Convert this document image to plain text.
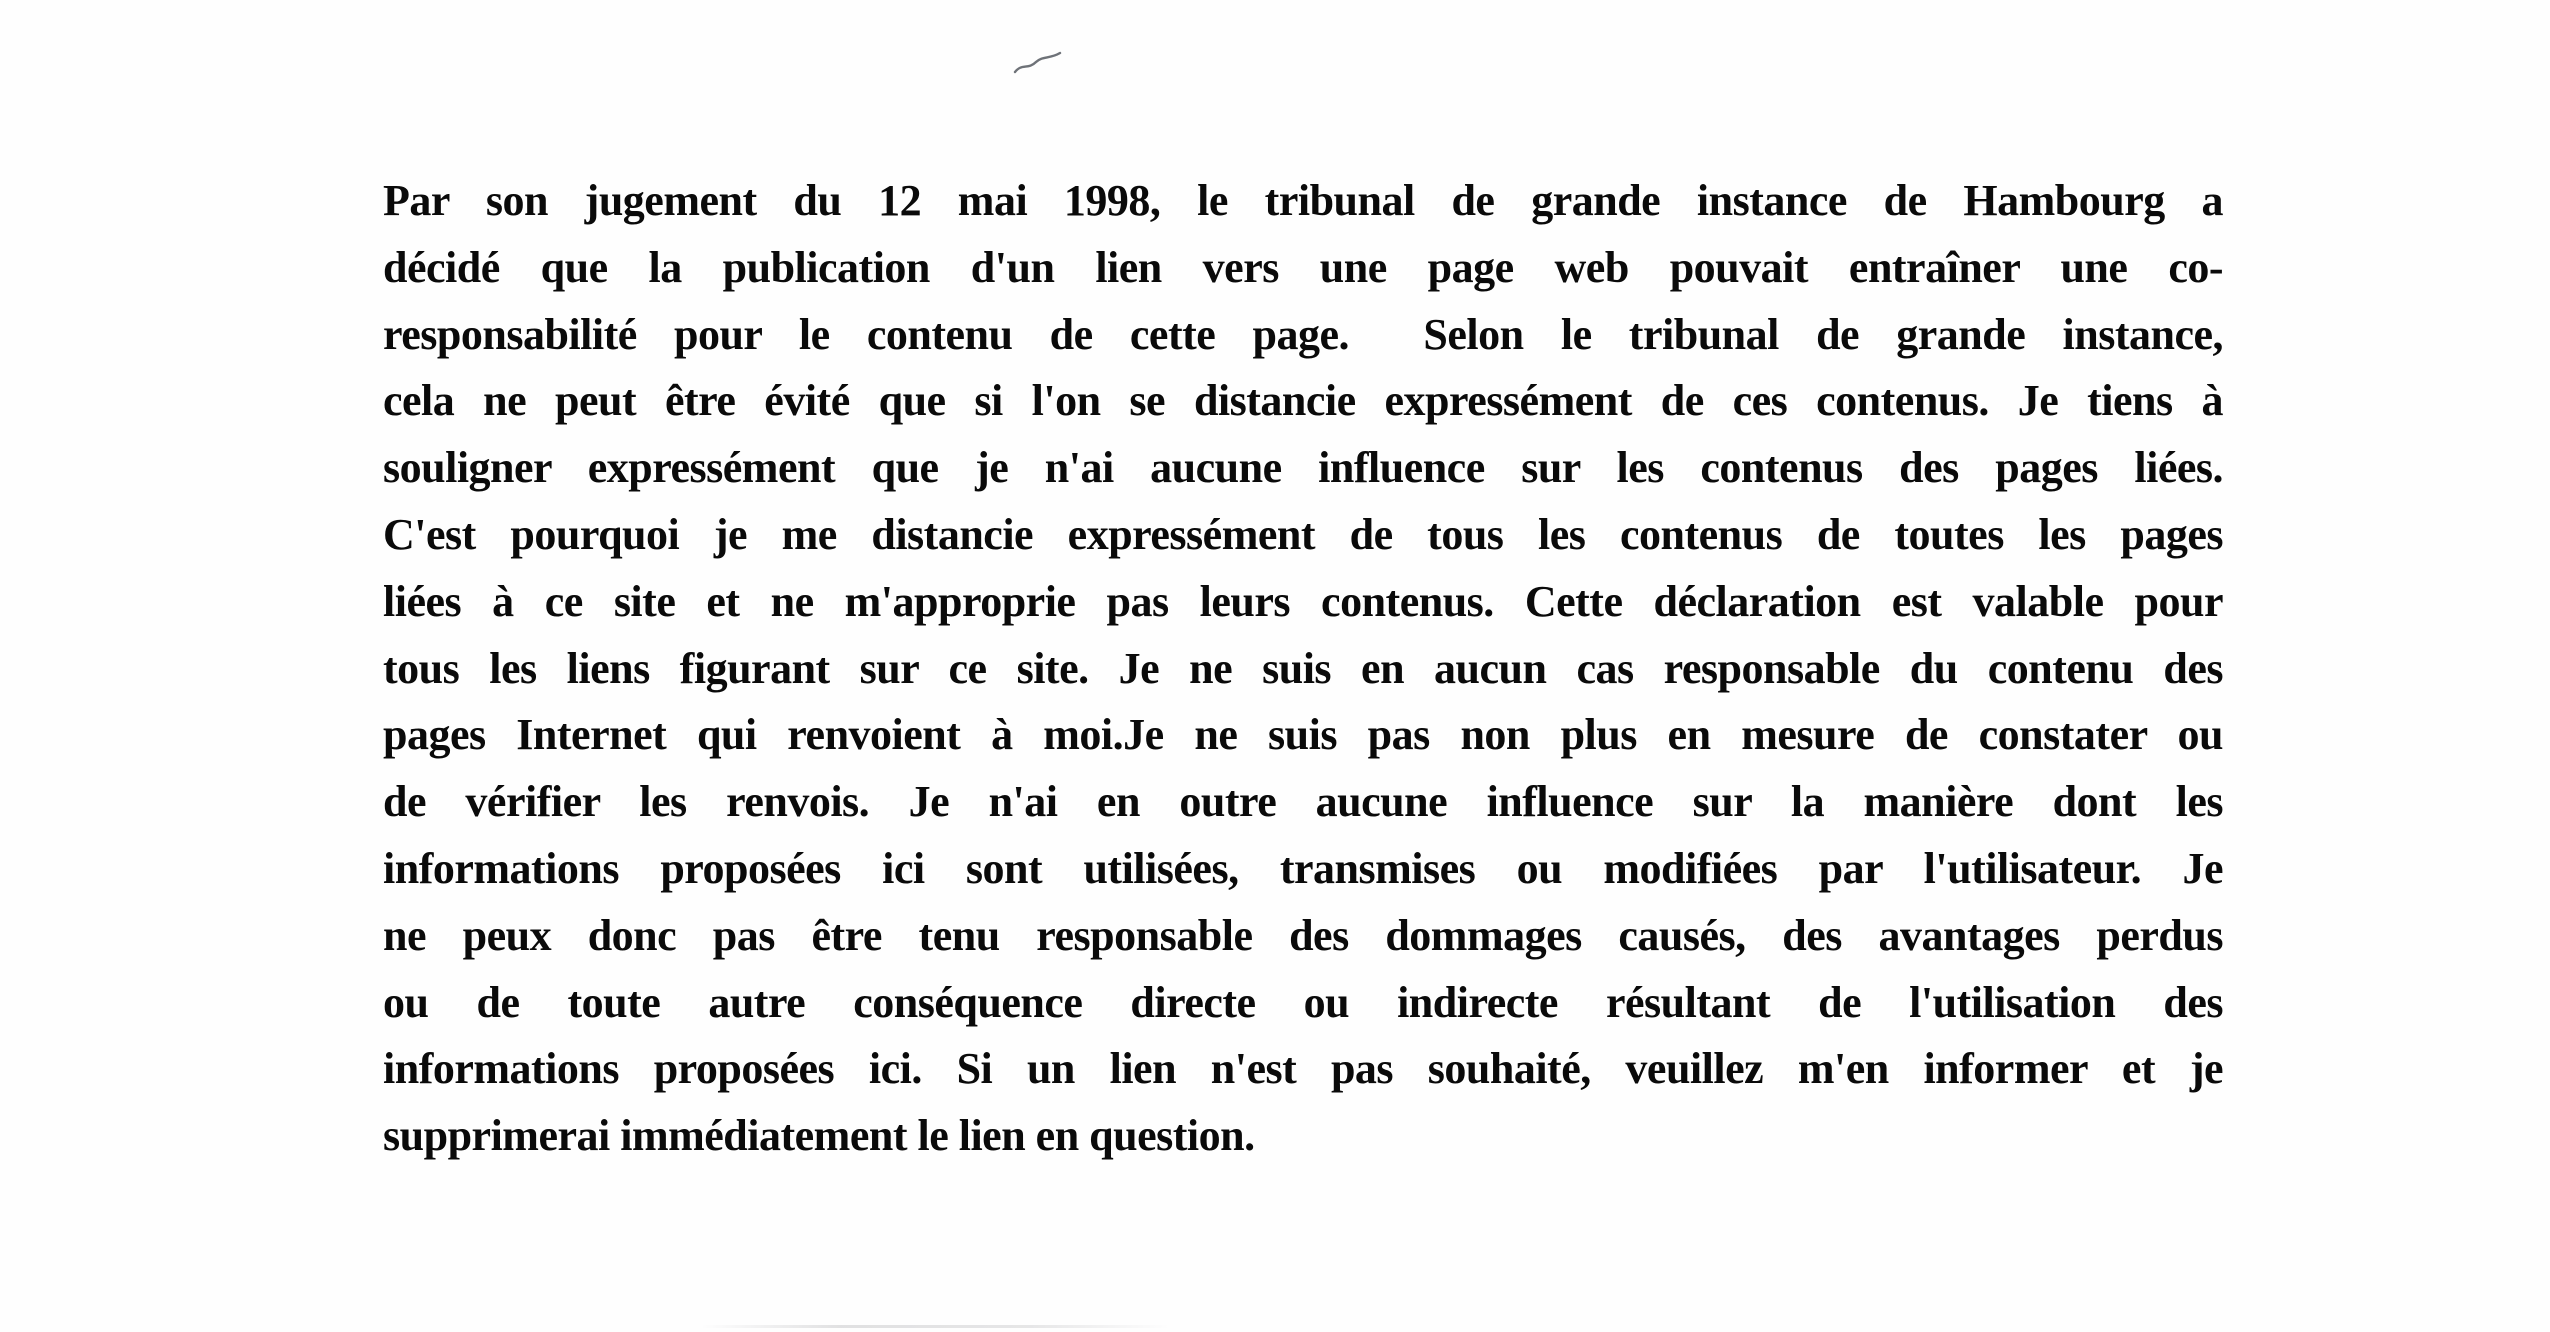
Par son jugement du 12 mai 1998, le tribunal de grande instance de Hambourg a
décidé que la publication d'un lien vers une page web pouvait entraîner une co-
responsabilité pour le contenu de cette page.  Selon le tribunal de grande instance,
cela ne peut être évité que si l'on se distancie expressément de ces contenus. Je tiens à
souligner expressément que je n'ai aucune influence sur les contenus des pages liées.
C'est pourquoi je me distancie expressément de tous les contenus de toutes les pages
liées à ce site et ne m'approprie pas leurs contenus. Cette déclaration est valable pour
tous les liens figurant sur ce site. Je ne suis en aucun cas responsable du contenu des
pages Internet qui renvoient à moi.Je ne suis pas non plus en mesure de constater ou
de vérifier les renvois. Je n'ai en outre aucune influence sur la manière dont les
informations proposées ici sont utilisées, transmises ou modifiées par l'utilisateur. Je
ne peux donc pas être tenu responsable des dommages causés, des avantages perdus
ou de toute autre conséquence directe ou indirecte résultant de l'utilisation des
informations proposées ici. Si un lien n'est pas souhaité, veuillez m'en informer et je
supprimerai immédiatement le lien en question.
